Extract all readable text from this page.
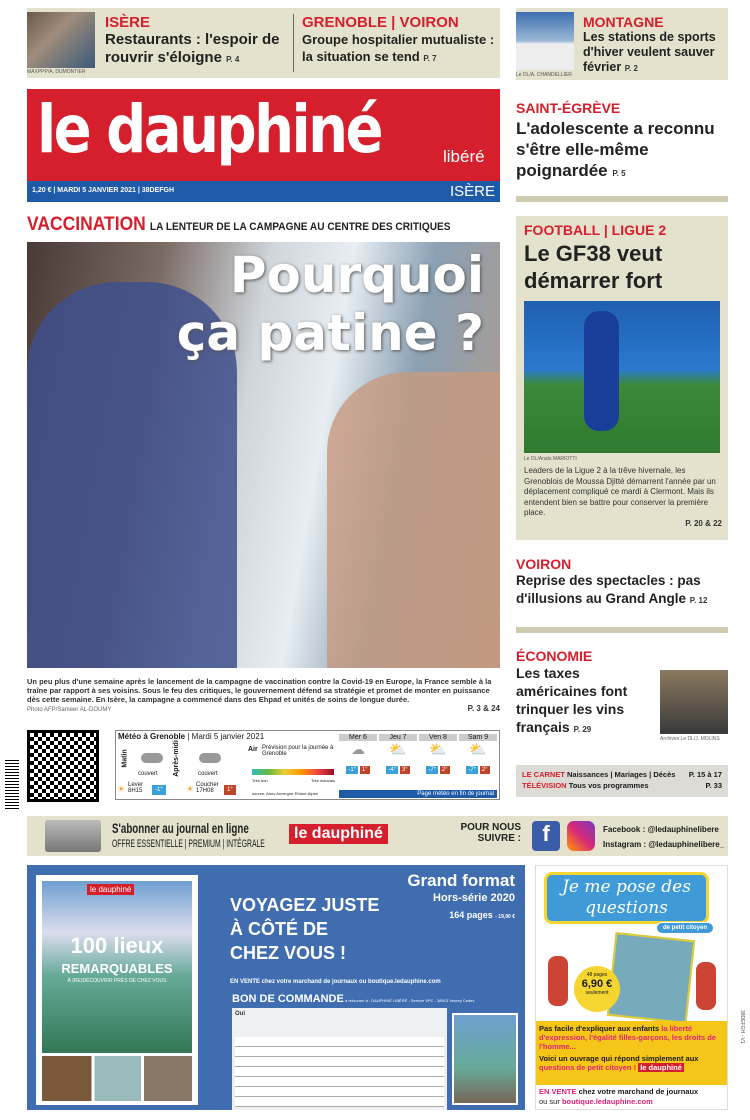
MAXPPP/A. DUMONTIER
ISÈRE
Restaurants : l'espoir de rouvrir s'éloigne P. 4
GRENOBLE | VOIRON
Groupe hospitalier mutualiste : la situation se tend P. 7
Le DL/A. CHANDELLIER
MONTAGNE
Les stations de sports d'hiver veulent sauver février P. 2
le dauphiné	libéré
1,20 € | MARDI 5 JANVIER 2021 | 38DEFGH	ISÈRE
VACCINATION LA LENTEUR DE LA CAMPAGNE AU CENTRE DES CRITIQUES
Pourquoi
ça patine ?
Un peu plus d'une semaine après le lancement de la campagne de vaccination contre la Covid-19 en Europe, la France semble à la traîne par rapport à ses voisins. Sous le feu des critiques, le gouvernement défend sa stratégie et promet de monter en puissance dès cette semaine. En Isère, la campagne a commencé dans des Ehpad et unités de soins de longue durée.
Photo AFP/Sameer AL-DOUMY	P. 3 & 24
Météo à Grenoble | Mardi 5 janvier 2021
Matin
couvert
☀ Lever 8H15	-1°
Après-midi	couvert
☀ Coucher 17H08	1°
Air Prévision pour la journée à Grenoble
Très bon	Très mauvais
source: Atmo Auvergne-Rhône-Alpes
Mer 6
☁
-1° 1°
Jeu 7
⛅
-4° 3°
Ven 8
⛅
-7° 2°
Sam 9
⛅
-7° 2°
Page météo en fin de journal
SAINT-ÉGRÈVE
L'adolescente a reconnu s'être elle-même poignardée P. 5
FOOTBALL | LIGUE 2
Le GF38 veut démarrer fort
Le DL/Anaïs MARIOTTI
Leaders de la Ligue 2 à la trêve hivernale, les Grenoblois de Moussa Djitté démarrent l'année par un déplacement compliqué ce mardi à Clermont. Mais ils entendent bien se battre pour conserver la première place.
P. 20 & 22
VOIRON
Reprise des spectacles : pas d'illusions au Grand Angle P. 12
ÉCONOMIE
Les taxes américaines font trinquer les vins français P. 29
Archives Le DL/J. MOLINS
LE CARNET Naissances | Mariages | Décès P. 15 à 17
TÉLÉVISION Tous vos programmes	P. 33
S'abonner au journal en ligne
OFFRE ESSENTIELLE | PREMIUM | INTÉGRALE
le dauphiné	POUR NOUS SUIVRE : f	Facebook : @ledauphinelibere
Instagram : @ledauphinelibere_
le dauphiné
100 lieux
REMARQUABLES
À (RE)DÉCOUVRIR PRÈS DE CHEZ VOUS
Grand format
Hors-série 2020
164 pages - 19,90 €
VOYAGEZ JUSTE À CÔTÉ DE CHEZ VOUS !
EN VENTE chez votre marchand de journaux ou boutique.ledauphine.com
BON DE COMMANDE à retourner à : DAUPHINÉ LIBÉRÉ - Service VPC - 38913 Veurey Cedex
Oui
Je me pose des questions
de petit citoyen
48 pages
6,90 €
seulement
Pas facile d'expliquer aux enfants la liberté d'expression, l'égalité filles-garçons, les droits de l'homme...
Voici un ouvrage qui répond simplement aux questions de petit citoyen ! le dauphiné
EN VENTE chez votre marchand de journaux
ou sur boutique.ledauphine.com
38DEFGH - V1
